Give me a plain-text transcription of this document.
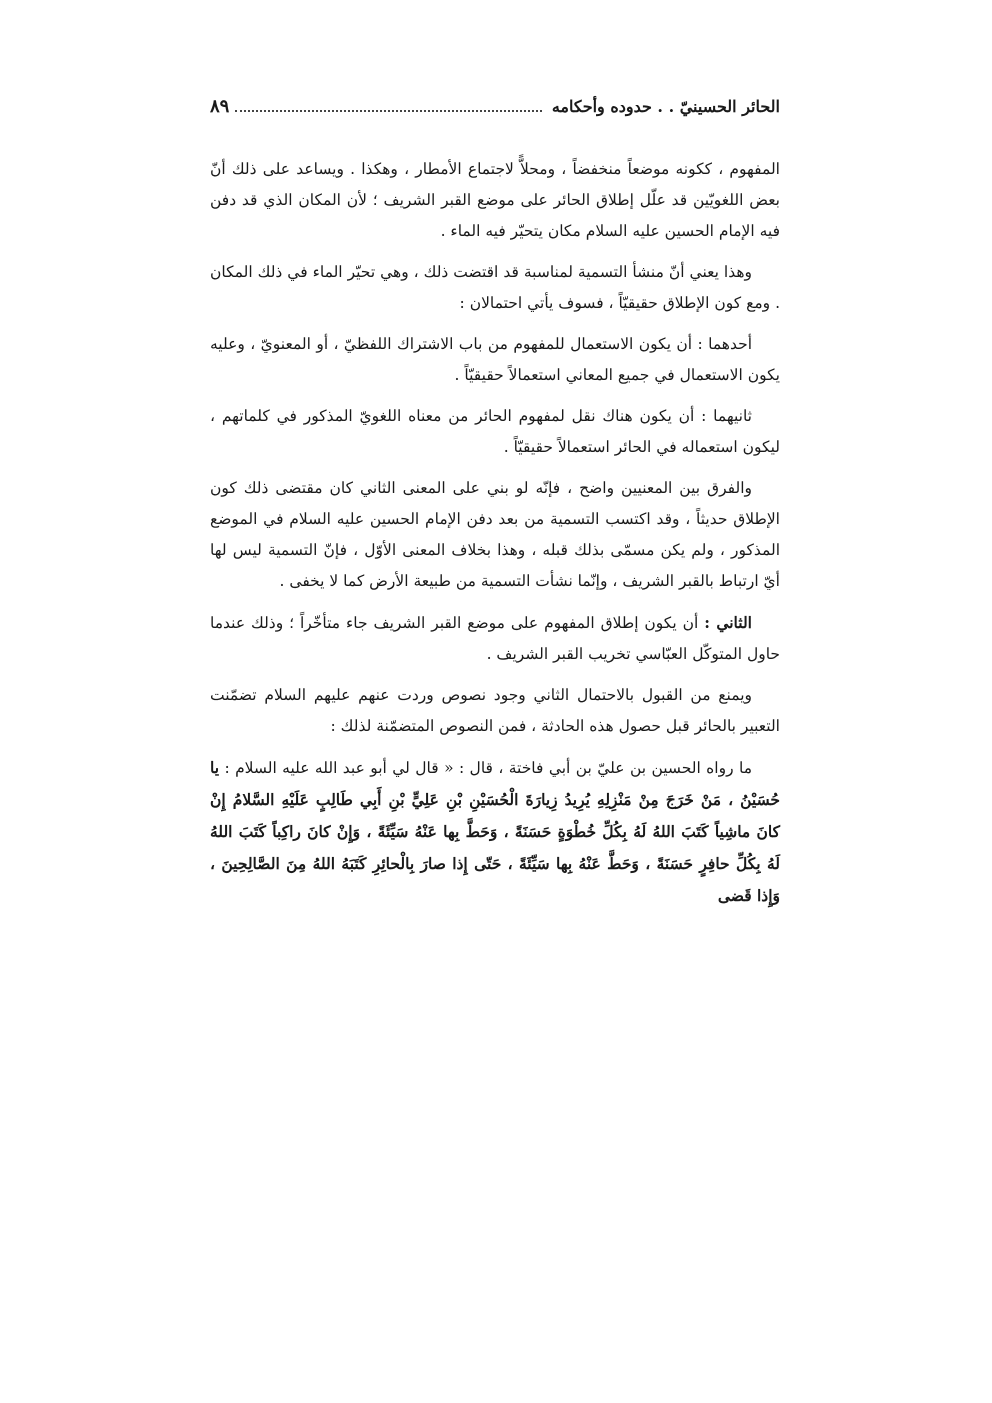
الحائر الحسينيّ . . حدوده وأحكامه
٨٩

المفهوم ، ككونه موضعاً منخفضاً ، ومحلاًّ لاجتماع الأمطار ، وهكذا . ويساعد على ذلك أنّ بعض اللغويّين قد علّل إطلاق الحائر على موضع القبر الشريف ؛ لأن المكان الذي قد دفن فيه الإمام الحسين عليه السلام مكان يتحيّر فيه الماء .

وهذا يعني أنّ منشأ التسمية لمناسبة قد اقتضت ذلك ، وهي تحيّر الماء في ذلك المكان . ومع كون الإطلاق حقيقيّاً ، فسوف يأتي احتمالان :

أحدهما : أن يكون الاستعمال للمفهوم من باب الاشتراك اللفظيّ ، أو المعنويّ ، وعليه يكون الاستعمال في جميع المعاني استعمالاً حقيقيّاً .

ثانيهما : أن يكون هناك نقل لمفهوم الحائر من معناه اللغويّ المذكور في كلماتهم ، ليكون استعماله في الحائر استعمالاً حقيقيّاً .

والفرق بين المعنيين واضح ، فإنّه لو بني على المعنى الثاني كان مقتضى ذلك كون الإطلاق حديثاً ، وقد اكتسب التسمية من بعد دفن الإمام الحسين عليه السلام في الموضع المذكور ، ولم يكن مسمّى بذلك قبله ، وهذا بخلاف المعنى الأوّل ، فإنّ التسمية ليس لها أيّ ارتباط بالقبر الشريف ، وإنّما نشأت التسمية من طبيعة الأرض كما لا يخفى .

الثاني : أن يكون إطلاق المفهوم على موضع القبر الشريف جاء متأخّراً ؛ وذلك عندما حاول المتوكّل العبّاسي تخريب القبر الشريف .

ويمنع من القبول بالاحتمال الثاني وجود نصوص وردت عنهم عليهم السلام تضمّنت التعبير بالحائر قبل حصول هذه الحادثة ، فمن النصوص المتضمّنة لذلك :

ما رواه الحسين بن عليّ بن أبي فاختة ، قال : « قال لي أبو عبد الله عليه السلام : يا حُسَيْنُ ، مَنْ خَرَجَ مِنْ مَنْزِلِهِ يُرِيدُ زِيارَةَ الْحُسَيْنِ بْنِ عَلِيٍّ بْنِ أَبِي طَالِبٍ عَلَيْهِ السَّلامُ إِنْ كانَ ماشِياً كَتَبَ اللهُ لَهُ بِكُلِّ خُطْوَةٍ حَسَنَةً ، وَحَطَّ بِها عَنْهُ سَيِّئَةً ، وَإِنْ كانَ راكِباً كَتَبَ اللهُ لَهُ بِكُلِّ حافِرٍ حَسَنَةً ، وَحَطَّ عَنْهُ بِها سَيِّئَةً ، حَتّى إِذا صارَ بِالْحائِرِ كَتَبَهُ اللهُ مِنَ الصَّالِحِينَ ، وَإِذا قَضى
